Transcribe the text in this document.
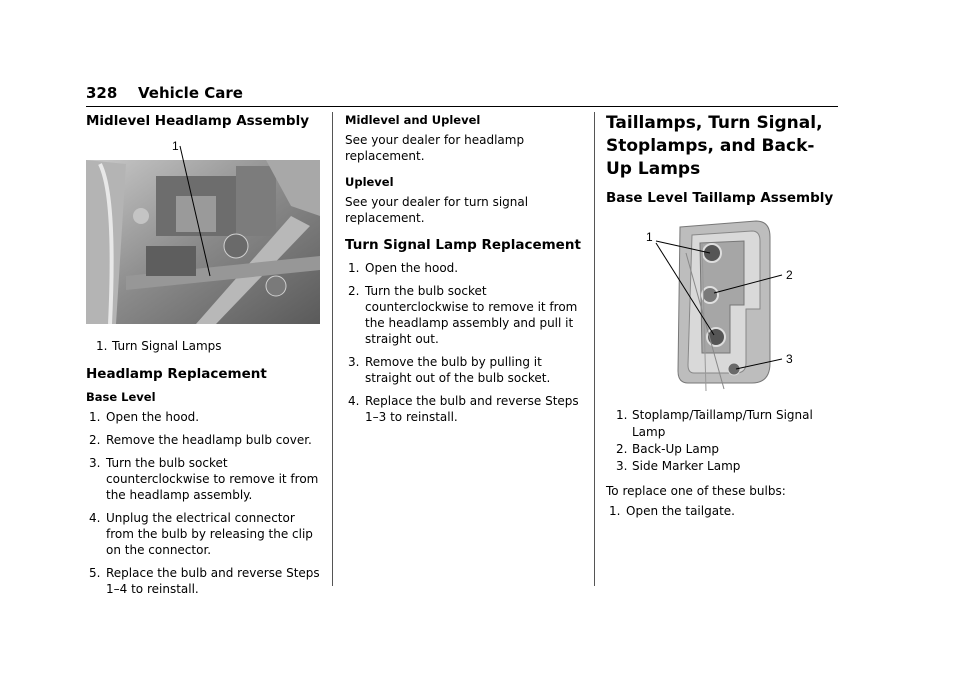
328 Vehicle Care
Midlevel Headlamp Assembly
1
1. Turn Signal Lamps
Headlamp Replacement
Base Level
1. Open the hood.
2. Remove the headlamp bulb cover.
3. Turn the bulb socket counterclockwise to remove it from the headlamp assembly.
4. Unplug the electrical connector from the bulb by releasing the clip on the connector.
5. Replace the bulb and reverse Steps 1–4 to reinstall.
Midlevel and Uplevel

See your dealer for headlamp replacement.

Uplevel

See your dealer for turn signal replacement.

Turn Signal Lamp Replacement
1. Open the hood.
2. Turn the bulb socket counterclockwise to remove it from the headlamp assembly and pull it straight out.
3. Remove the bulb by pulling it straight out of the bulb socket.
4. Replace the bulb and reverse Steps 1–3 to reinstall.
Taillamps, Turn Signal, Stoplamps, and Back-Up Lamps
Base Level Taillamp Assembly
1
2
3
1. Stoplamp/Taillamp/Turn Signal Lamp
2. Back-Up Lamp
3. Side Marker Lamp

To replace one of these bulbs:

1. Open the tailgate.
